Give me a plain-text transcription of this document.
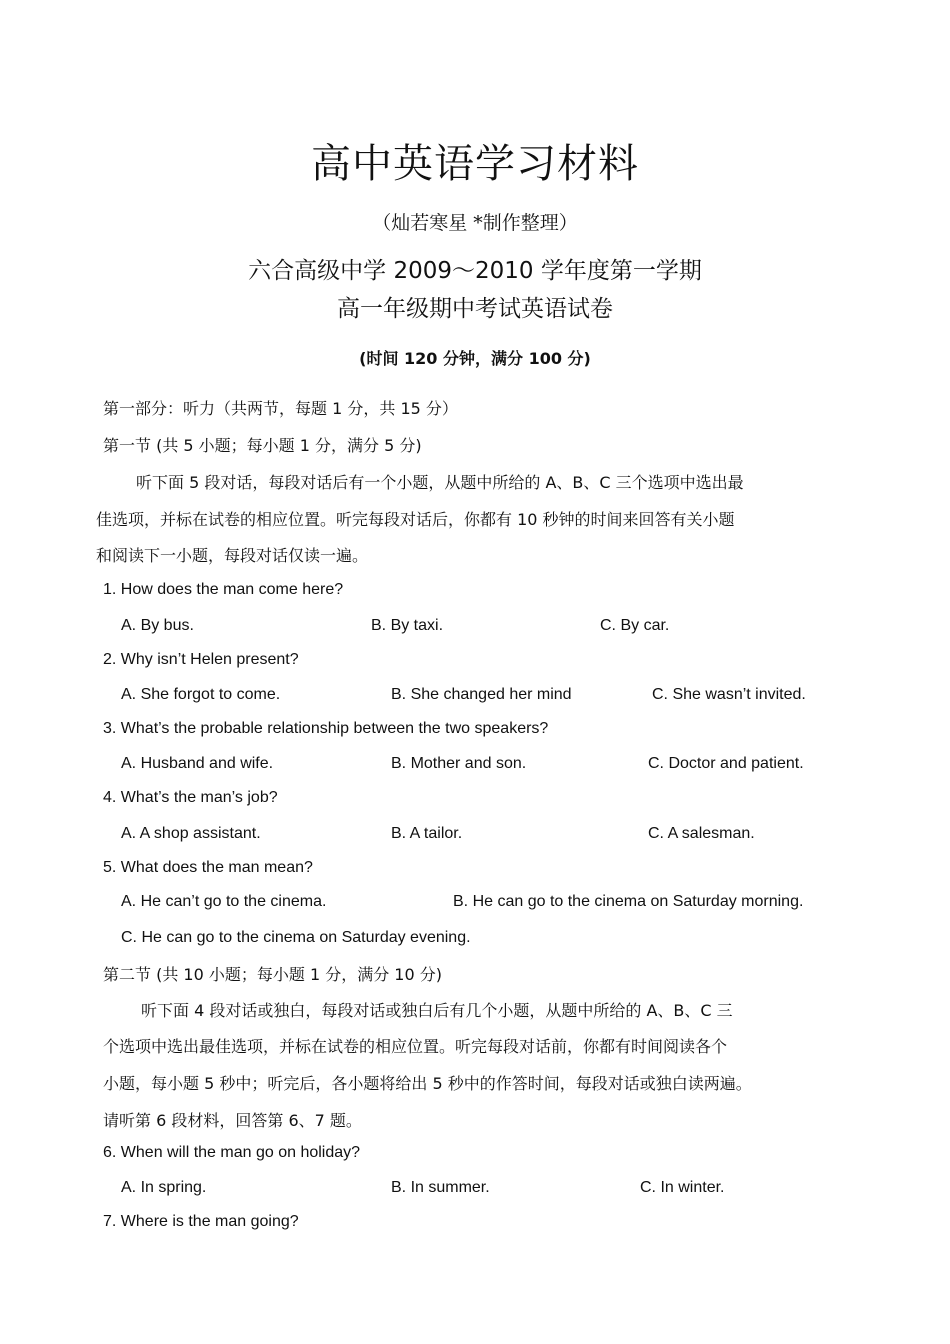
高中英语学习材料
（灿若寒星 *制作整理）
六合高级中学 2009～2010 学年度第一学期
高一年级期中考试英语试卷
(时间 120 分钟，满分 100 分)
第一部分：听力（共两节，每题 1 分，共 15 分）
第一节 (共 5 小题；每小题 1 分，满分 5 分)
听下面 5 段对话，每段对话后有一个小题，从题中所给的 A、B、C 三个选项中选出最
佳选项，并标在试卷的相应位置。听完每段对话后，你都有 10 秒钟的时间来回答有关小题
和阅读下一小题，每段对话仅读一遍。
1. How does the man come here?
A. By bus.	B. By taxi.	C. By car.
2. Why isn’t Helen present?
A. She forgot to come.	B. She changed her mind	C. She wasn’t invited.
3. What’s the probable relationship between the two speakers?
A. Husband and wife.	B. Mother and son.	C. Doctor and patient.
4. What’s the man’s job?
A. A shop assistant.	B. A tailor.	C. A salesman.
5. What does the man mean?
A. He can’t go to the cinema.	B. He can go to the cinema on Saturday morning.
C. He can go to the cinema on Saturday evening.
第二节 (共 10 小题；每小题 1 分，满分 10 分)
听下面 4 段对话或独白，每段对话或独白后有几个小题，从题中所给的 A、B、C 三
个选项中选出最佳选项，并标在试卷的相应位置。听完每段对话前，你都有时间阅读各个
小题，每小题 5 秒中；听完后，各小题将给出 5 秒中的作答时间，每段对话或独白读两遍。
请听第 6 段材料，回答第 6、7 题。
6. When will the man go on holiday?
A. In spring.	B. In summer.	C. In winter.
7. Where is the man going?
